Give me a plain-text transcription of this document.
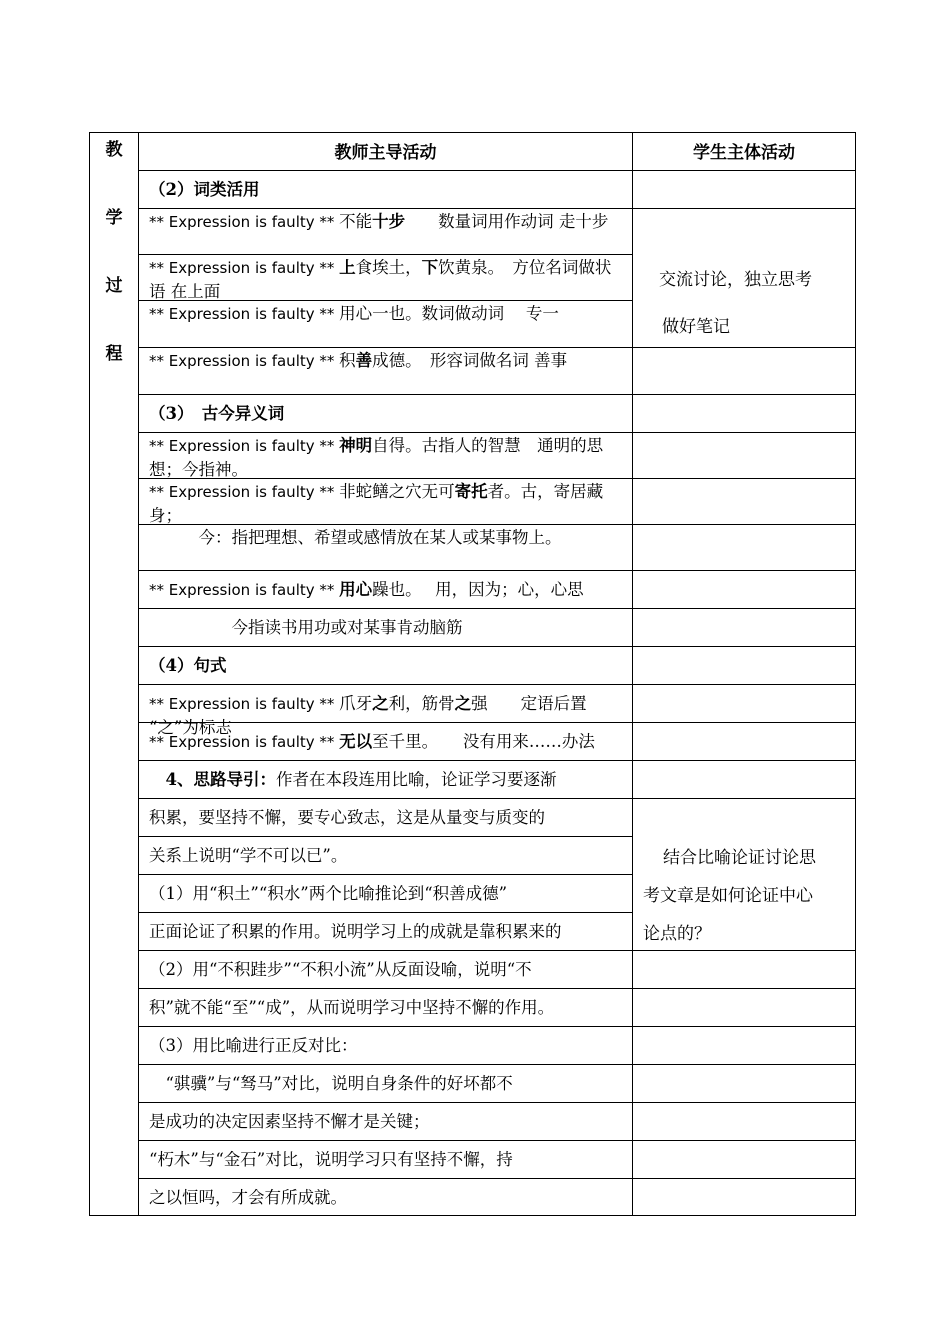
教
学
过
程
教师主导活动
（2）词类活用
** Expression is faulty ** 不能十步　　数量词用作动词 走十步
** Expression is faulty ** 上食埃土，下饮黄泉。　方位名词做状语 在上面
** Expression is faulty ** 用心一也。数词做动词　 专一
** Expression is faulty ** 积善成德。　形容词做名词 善事
（3）　古今异义词
** Expression is faulty ** 神明自得。古指人的智慧　通明的思想；今指神。
** Expression is faulty ** 非蛇鳝之穴无可寄托者。古，寄居藏身；
　　　今：指把理想、希望或感情放在某人或某事物上。
** Expression is faulty ** 用心躁也。　 用，因为；心，心思
　　　　　今指读书用功或对某事肯动脑筋
（4）句式
** Expression is faulty ** 爪牙之利，筋骨之强　　定语后置 “之”为标志
** Expression is faulty ** 无以至千里。　　没有用来……办法
　4、思路导引：作者在本段连用比喻，论证学习要逐渐
积累，要坚持不懈，要专心致志，这是从量变与质变的
关系上说明“学不可以已”。
（1）用“积土”“积水”两个比喻推论到“积善成德”
正面论证了积累的作用。说明学习上的成就是靠积累来的
（2）用“不积跬步”“不积小流”从反面设喻，说明“不
积”就不能“至”“成”，从而说明学习中坚持不懈的作用。
（3）用比喻进行正反对比：
　“骐骥”与“驽马”对比，说明自身条件的好坏都不
是成功的决定因素坚持不懈才是关键；
“朽木”与“金石”对比，说明学习只有坚持不懈，持
之以恒吗，才会有所成就。
学生主体活动
交流讨论，独立思考
做好笔记
结合比喻论证讨论思
考文章是如何论证中心
论点的？
